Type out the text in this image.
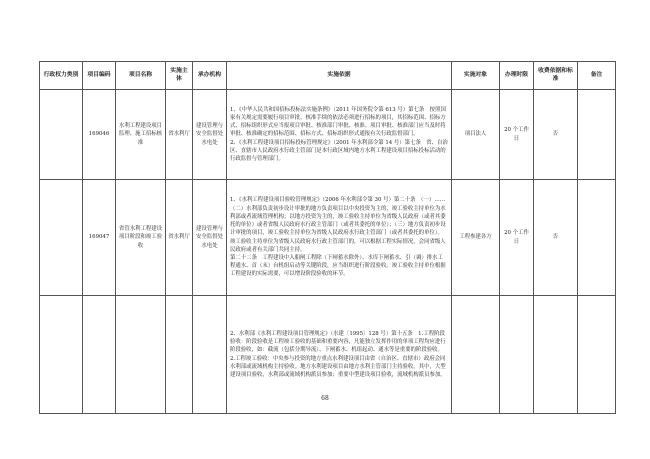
行政权力类别	项目编码	项目名称	实施主体	承办机构	实施依据	实施对象	办理时限	收费依据和标准	备注
	169046	水利工程建设项目监理、施工招标核准	省水利厅	建设管理与安全监督处水电处	1、《中华人民共和国招标投标法实施条例》（2011 年国务院令第 613 号）第七条　按照国家有关规定需要履行项目审批、核准手续的依法必须进行招标的项目，其招标范围、招标方式、招标组织形式应当报项目审批、核准部门审批、核准。项目审批、核准部门应当及时将审批、核准确定的招标范围、招标方式、招标组织形式通报有关行政监督部门。
2、《水利工程建设项目招标投标管理规定》（2001 年水利部令第 14 号）第七条　省、自治区、直辖市人民政府水行政主管部门是本行政区域内地方水利工程建设项目招标投标活动的行政监督与管理部门。	项目法人	20 个工作日	否	
	169047	省管水利工程建设项目阶段和竣工验收	省水利厅	建设管理与安全监督处水电处	1、《水利工程建设项目验收管理规定》（2006 年水利部令第 30 号）第二十条　（一）……（二）水利部负责初步设计审批的地方负责项目以中央投资为主的，竣工验收主持单位为水利部或者流域管理机构；以地方投资为主的，竣工验收主持单位为省级人民政府（或者其委托的单位）或者省级人民政府水行政主管部门（或者其委托的单位）；（三）地方负责初步设计审批的项目，竣工验收主持单位为省级人民政府水行政主管部门（或者其委托的单位）。竣工验收主持单位为省级人民政府水行政主管部门的，可以根据工程实际情况，会同省级人民政府或者有关部门共同主持。
第二十二条　工程建设中入船闸工程除（下闸蓄水除外）、水库下闸蓄水、引（调）排水工程通水、首（末）台机组启动等关键阶段，应当组织进行阶段验收。竣工验收主持单位根据工程建设的实际需要，可以增设阶段验收的环节。	工程参建各方	20 个工作日	否	

					2、水利部《水利工程建设项目管理规定》（水建〔1995〕128 号）第十五条　1.工程阶段验收：阶段验收是工程竣工验收的基础和重要内容，凡能独立发挥作用的单项工程均应进行阶段验收，如：截流（包括分期导流）、下闸蓄水、机组起动、通水等是重要的阶段验收。2.工程竣工验收：中央参与投资的地方重点水利建设项目由省（自治区、直辖市）政府会同水利部或流域机构主持验收。地方水利建设项目由地方水利主管部门主持验收。其中，大型建设项目验收，水利部或流域机构派员参加；重要中型建设项目验收，流域机构派员参加。				

68
